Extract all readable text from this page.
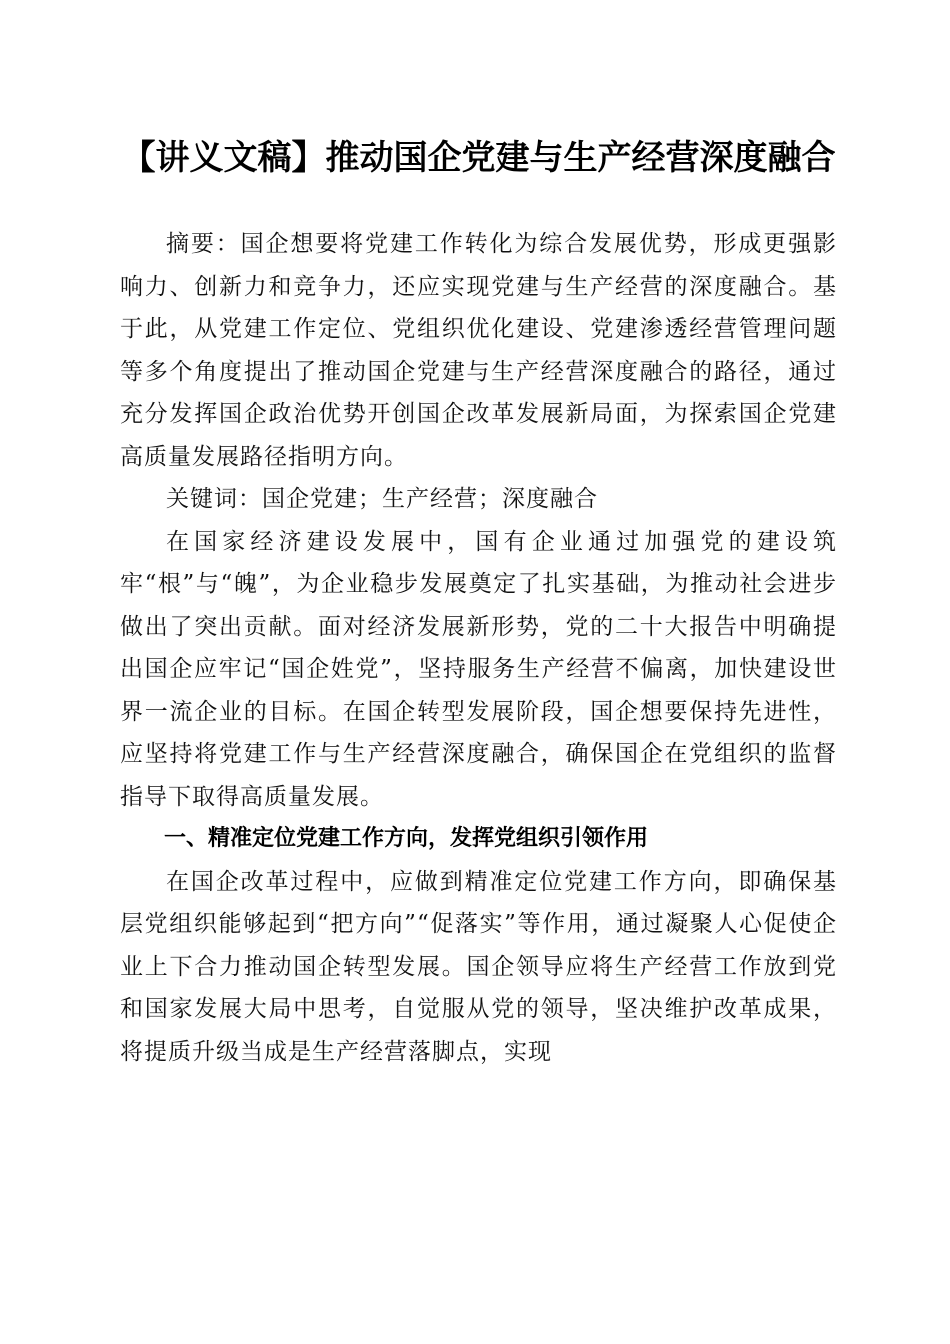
【讲义文稿】推动国企党建与生产经营深度融合

摘要：国企想要将党建工作转化为综合发展优势，形成更强影响力、创新力和竞争力，还应实现党建与生产经营的深度融合。基于此，从党建工作定位、党组织优化建设、党建渗透经营管理问题等多个角度提出了推动国企党建与生产经营深度融合的路径，通过充分发挥国企政治优势开创国企改革发展新局面，为探索国企党建高质量发展路径指明方向。

关键词：国企党建；生产经营；深度融合

在国家经济建设发展中，国有企业通过加强党的建设筑牢“根”与“魄”，为企业稳步发展奠定了扎实基础，为推动社会进步做出了突出贡献。面对经济发展新形势，党的二十大报告中明确提出国企应牢记“国企姓党”，坚持服务生产经营不偏离，加快建设世界一流企业的目标。在国企转型发展阶段，国企想要保持先进性，应坚持将党建工作与生产经营深度融合，确保国企在党组织的监督指导下取得高质量发展。

一、精准定位党建工作方向，发挥党组织引领作用

在国企改革过程中，应做到精准定位党建工作方向，即确保基层党组织能够起到“把方向”“促落实”等作用，通过凝聚人心促使企业上下合力推动国企转型发展。国企领导应将生产经营工作放到党和国家发展大局中思考，自觉服从党的领导，坚决维护改革成果，将提质升级当成是生产经营落脚点，实现
